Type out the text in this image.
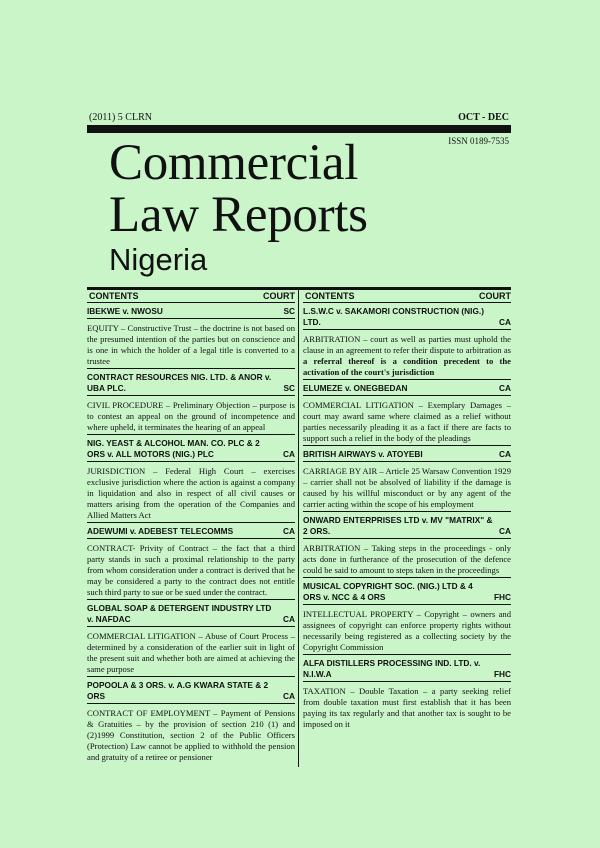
(2011) 5 CLRN	OCT - DEC
ISSN 0189-7535
Commercial
Law Reports
Nigeria
CONTENTS	COURT
IBEKWE v. NWOSU	SC
EQUITY – Constructive Trust – the doctrine is not based on the presumed intention of the parties but on conscience and is one in which the holder of a legal title is converted to a trustee
CONTRACT RESOURCES NIG. LTD. & ANOR v. UBA PLC.	SC
CIVIL PROCEDURE – Preliminary Objection – purpose is to contest an appeal on the ground of incompetence and where upheld, it terminates the hearing of an appeal
NIG. YEAST & ALCOHOL MAN. CO. PLC & 2 ORS v. ALL MOTORS (NIG.) PLC	CA
JURISDICTION – Federal High Court – exercises exclusive jurisdiction where the action is against a company in liquidation and also in respect of all civil causes or matters arising from the operation of the Companies and Allied Matters Act
ADEWUMI v. ADEBEST TELECOMMS	CA
CONTRACT- Privity of Contract – the fact that a third party stands in such a proximal relationship to the party from whom consideration under a contract is derived that he may be considered a party to the contract does not entitle such third party to sue or be sued under the contract.
GLOBAL SOAP & DETERGENT INDUSTRY LTD v. NAFDAC	CA
COMMERCIAL LITIGATION – Abuse of Court Process – determined by a consideration of the earlier suit in light of the present suit and whether both are aimed at achieving the same purpose
POPOOLA & 3 ORS. v. A.G KWARA STATE & 2 ORS	CA
CONTRACT OF EMPLOYMENT – Payment of Pensions & Gratuities – by the provision of section 210 (1) and (2)1999 Constitution, section 2 of the Public Officers (Protection) Law cannot be applied to withhold the pension and gratuity of a retiree or pensioner
CONTENTS	COURT
L.S.W.C v. SAKAMORI CONSTRUCTION (NIG.) LTD.	CA
ARBITRATION – court as well as parties must uphold the clause in an agreement to refer their dispute to arbitration as a referral thereof is a condition precedent to the activation of the court's jurisdiction
ELUMEZE v. ONEGBEDAN	CA
COMMERCIAL LITIGATION – Exemplary Damages – court may award same where claimed as a relief without parties necessarily pleading it as a fact if there are facts to support such a relief in the body of the pleadings
BRITISH AIRWAYS v. ATOYEBI	CA
CARRIAGE BY AIR – Article 25 Warsaw Convention 1929 – carrier shall not be absolved of liability if the damage is caused by his willful misconduct or by any agent of the carrier acting within the scope of his employment
ONWARD ENTERPRISES LTD v. MV "MATRIX" & 2 ORS.	CA
ARBITRATION – Taking steps in the proceedings - only acts done in furtherance of the prosecution of the defence could be said to amount to steps taken in the proceedings
MUSICAL COPYRIGHT SOC. (NIG.) LTD & 4 ORS v. NCC & 4 ORS	FHC
INTELLECTUAL PROPERTY – Copyright – owners and assignees of copyright can enforce property rights without necessarily being registered as a collecting society by the Copyright Commission
ALFA DISTILLERS PROCESSING IND. LTD. v. N.I.W.A	FHC
TAXATION – Double Taxation – a party seeking relief from double taxation must first establish that it has been paying its tax regularly and that another tax is sought to be imposed on it
